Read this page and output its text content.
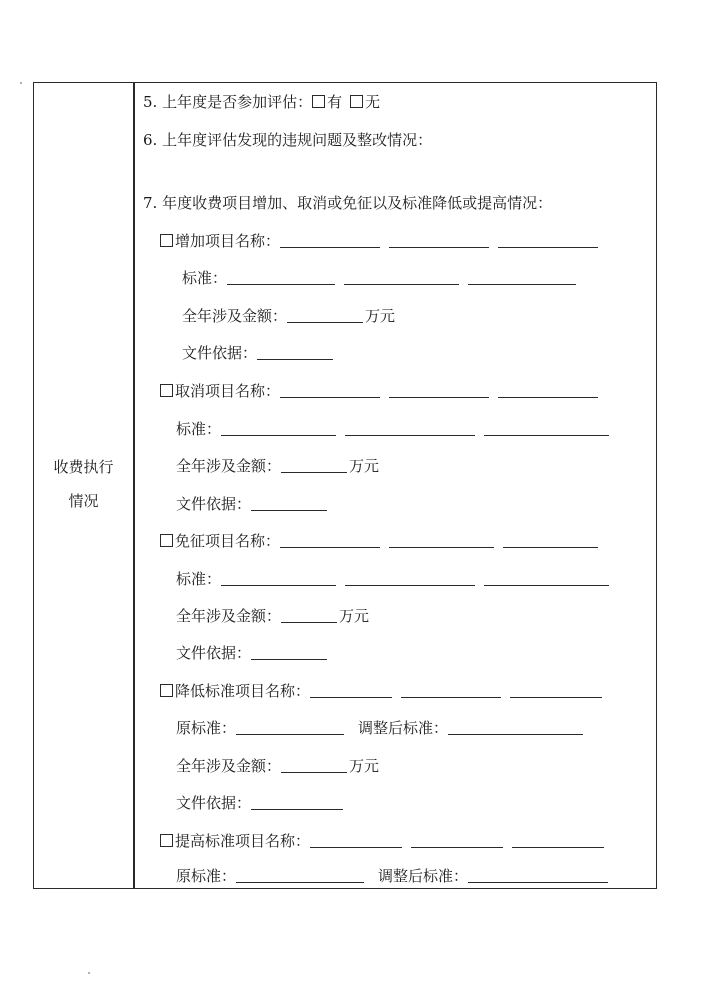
收费执行
情况
5. 上年度是否参加评估： 有 无
6. 上年度评估发现的违规问题及整改情况：
7. 年度收费项目增加、取消或免征以及标准降低或提高情况：
增加项目名称：
标准：
全年涉及金额：	万元
文件依据：
取消项目名称：
标准：
全年涉及金额：	万元
文件依据：
免征项目名称：
标准：
全年涉及金额：	万元
文件依据：
降低标准项目名称：
原标准：	调整后标准：
全年涉及金额：	万元
文件依据：
提高标准项目名称：
原标准：	调整后标准：
